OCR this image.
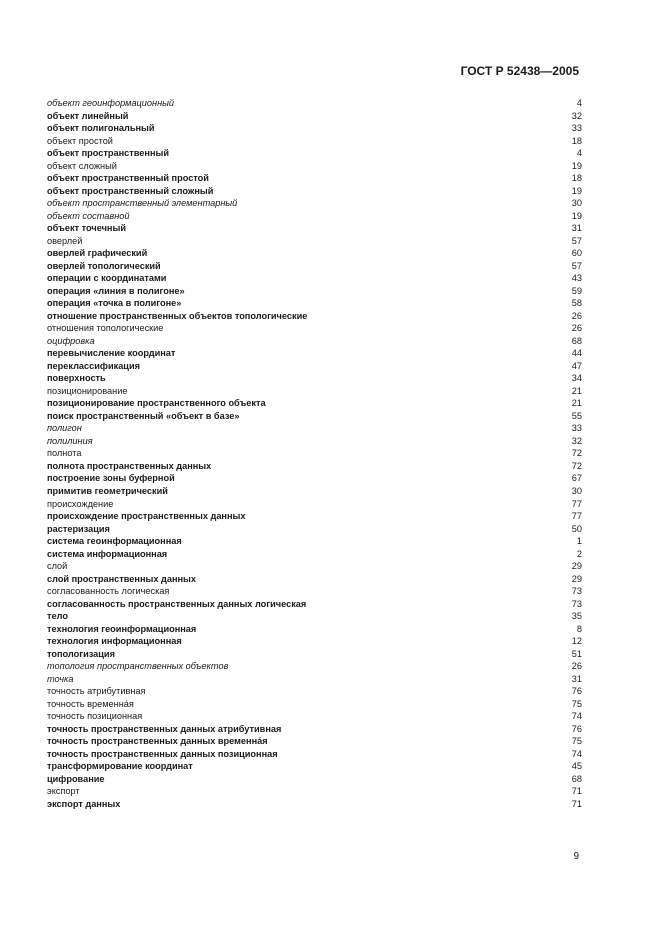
ГОСТ Р 52438—2005
объект геоинформационный	4
объект линейный	32
объект полигональный	33
объект простой	18
объект пространственный	4
объект сложный	19
объект пространственный простой	18
объект пространственный сложный	19
объект пространственный элементарный	30
объект составной	19
объект точечный	31
оверлей	57
оверлей графический	60
оверлей топологический	57
операции с координатами	43
операция «линия в полигоне»	59
операция «точка в полигоне»	58
отношение пространственных объектов топологические	26
отношения топологические	26
оцифровка	68
перевычисление координат	44
переклассификация	47
поверхность	34
позиционирование	21
позиционирование пространственного объекта	21
поиск пространственный «объект в базе»	55
полигон	33
полилиния	32
полнота	72
полнота пространственных данных	72
построение зоны буферной	67
примитив геометрический	30
происхождение	77
происхождение пространственных данных	77
растеризация	50
система геоинформационная	1
система информационная	2
слой	29
слой пространственных данных	29
согласованность логическая	73
согласованность пространственных данных логическая	73
тело	35
технология геоинформационная	8
технология информационная	12
топологизация	51
топология пространственных объектов	26
точка	31
точность атрибутивная	76
точность временна́я	75
точность позиционная	74
точность пространственных данных атрибутивная	76
точность пространственных данных временна́я	75
точность пространственных данных позиционная	74
трансформирование координат	45
цифрование	68
экспорт	71
экспорт данных	71
9
